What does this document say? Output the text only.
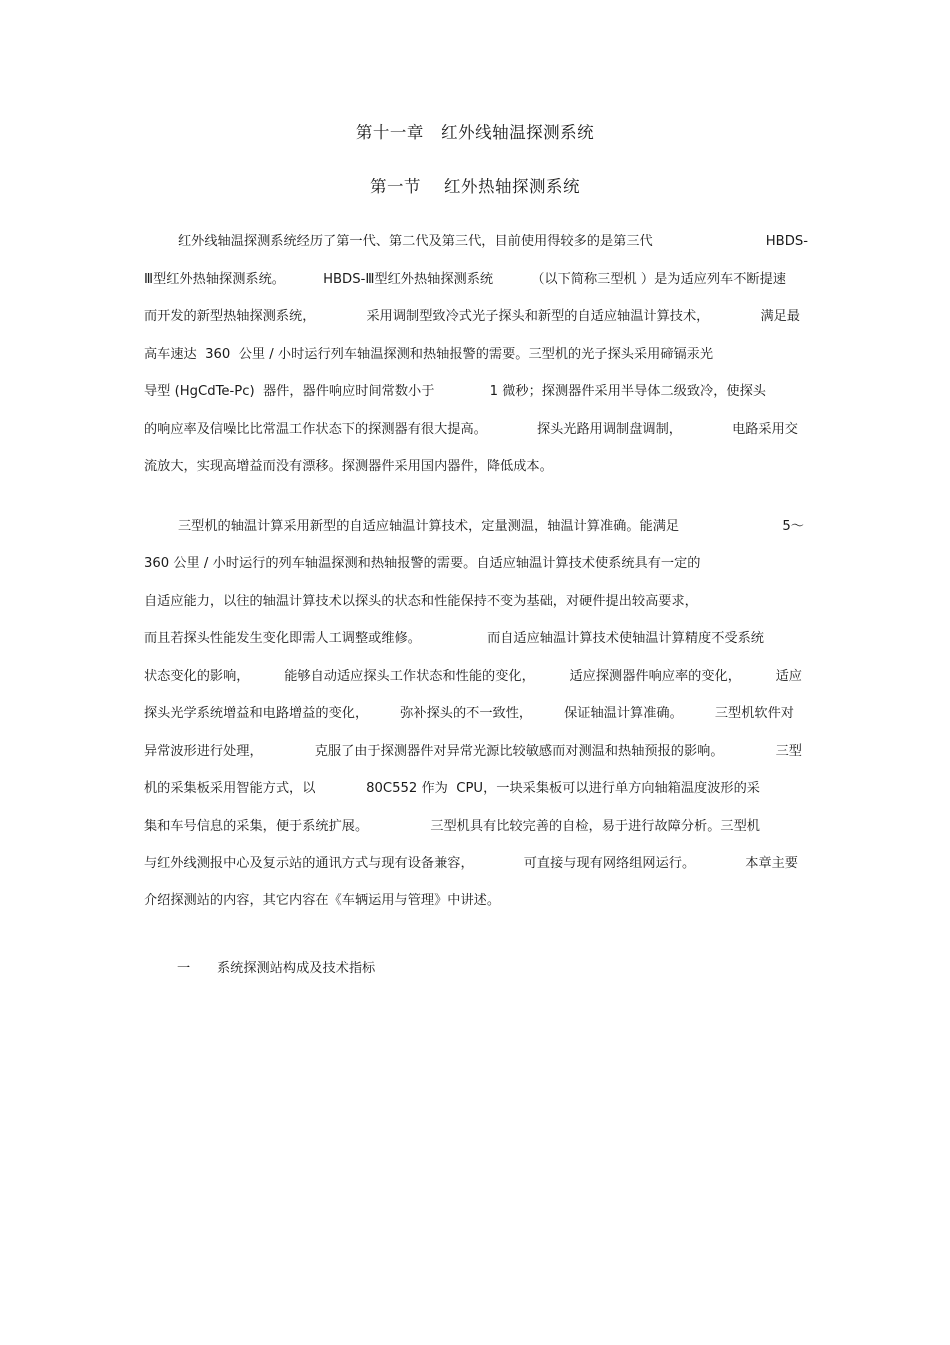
第十一章   红外线轴温探测系统
第一节    红外热轴探测系统
红外线轴温探测系统经历了第一代、第二代及第三代，目前使用得较多的是第三代	HBDS-
Ⅲ型红外热轴探测系统。	HBDS-Ⅲ型红外热轴探测系统	（以下简称三型机 ）是为适应列车不断提速
而开发的新型热轴探测系统，	采用调制型致冷式光子探头和新型的自适应轴温计算技术，	满足最
高车速达  360  公里 / 小时运行列车轴温探测和热轴报警的需要。三型机的光子探头采用碲镉汞光
导型 (HgCdTe-Pc)  器件，器件响应时间常数小于	1 微秒；探测器件采用半导体二级致冷，使探头
的响应率及信噪比比常温工作状态下的探测器有很大提高。	探头光路用调制盘调制，	电路采用交
流放大，实现高增益而没有漂移。探测器件采用国内器件，降低成本。
三型机的轴温计算采用新型的自适应轴温计算技术，定量测温，轴温计算准确。能满足	5～
360 公里 / 小时运行的列车轴温探测和热轴报警的需要。自适应轴温计算技术使系统具有一定的
自适应能力，以往的轴温计算技术以探头的状态和性能保持不变为基础，对硬件提出较高要求，
而且若探头性能发生变化即需人工调整或维修。	而自适应轴温计算技术使轴温计算精度不受系统
状态变化的影响，	能够自动适应探头工作状态和性能的变化，	适应探测器件响应率的变化，	适应
探头光学系统增益和电路增益的变化， 弥补探头的不一致性， 保证轴温计算准确。 三型机软件对
异常波形进行处理，	克服了由于探测器件对异常光源比较敏感而对测温和热轴预报的影响。	三型
机的采集板采用智能方式，以	80C552 作为  CPU，一块采集板可以进行单方向轴箱温度波形的采
集和车号信息的采集，便于系统扩展。	三型机具有比较完善的自检，易于进行故障分析。三型机
与红外线测报中心及复示站的通讯方式与现有设备兼容，	可直接与现有网络组网运行。	本章主要
介绍探测站的内容，其它内容在《车辆运用与管理》中讲述。
一	系统探测站构成及技术指标
